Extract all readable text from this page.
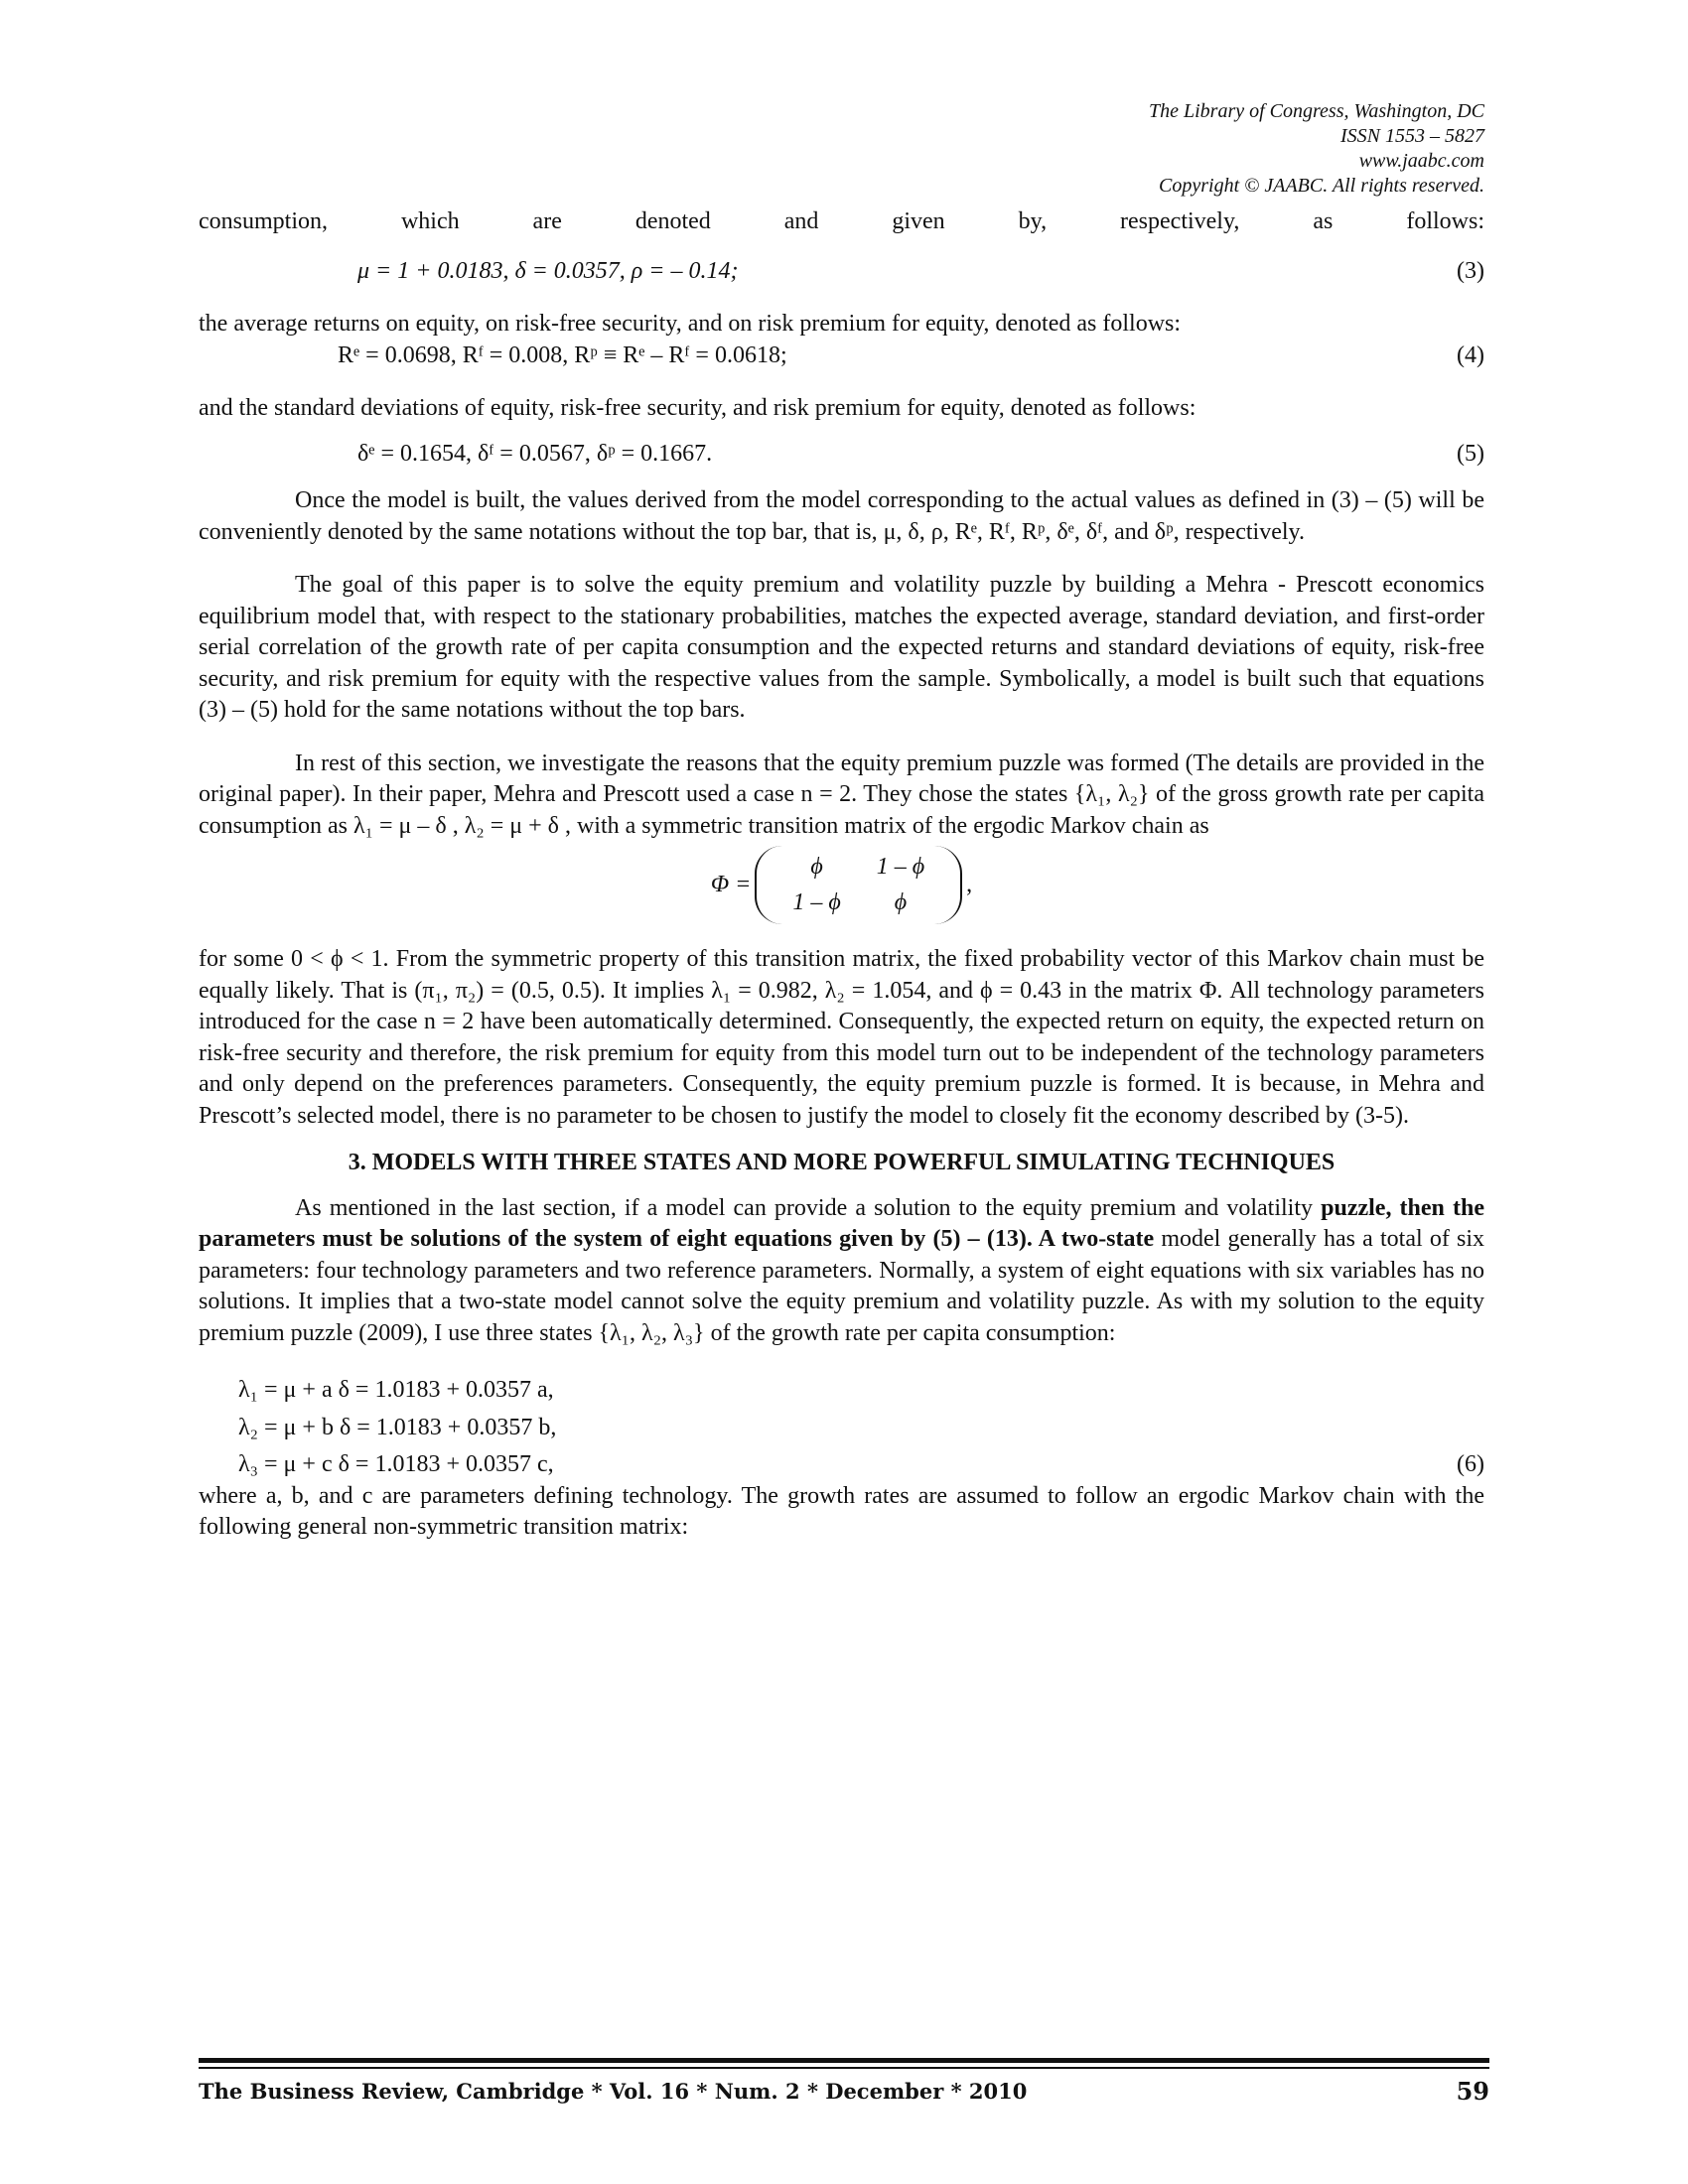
The Library of Congress, Washington, DC
ISSN 1553 – 5827
www.jaabc.com
Copyright © JAABC. All rights reserved.

consumption, which are denoted and given by, respectively, as follows:

μ = 1 + 0.0183, δ = 0.0357, ρ = – 0.14;	(3)

the average returns on equity, on risk-free security, and on risk premium for equity, denoted as follows:

Rᵉ = 0.0698, Rᶠ = 0.008, Rᵖ ≡ Rᵉ – Rᶠ = 0.0618;	(4)

and the standard deviations of equity, risk-free security, and risk premium for equity, denoted as follows:

δᵉ = 0.1654, δᶠ = 0.0567, δᵖ = 0.1667.	(5)

Once the model is built, the values derived from the model corresponding to the actual values as defined in (3) – (5) will be conveniently denoted by the same notations without the top bar, that is, μ, δ, ρ, Rᵉ, Rᶠ, Rᵖ, δᵉ, δᶠ, and δᵖ, respectively.

The goal of this paper is to solve the equity premium and volatility puzzle by building a Mehra - Prescott economics equilibrium model that, with respect to the stationary probabilities, matches the expected average, standard deviation, and first-order serial correlation of the growth rate of per capita consumption and the expected returns and standard deviations of equity, risk-free security, and risk premium for equity with the respective values from the sample. Symbolically, a model is built such that equations (3) – (5) hold for the same notations without the top bars.

In rest of this section, we investigate the reasons that the equity premium puzzle was formed (The details are provided in the original paper). In their paper, Mehra and Prescott used a case n = 2. They chose the states {λ₁, λ₂} of the gross growth rate per capita consumption as λ₁ = μ – δ , λ₂ = μ + δ , with a symmetric transition matrix of the ergodic Markov chain as

Φ =
ϕ	1 – ϕ
1 – ϕ	ϕ
,

for some 0 < ϕ < 1. From the symmetric property of this transition matrix, the fixed probability vector of this Markov chain must be equally likely. That is (π₁, π₂) = (0.5, 0.5). It implies λ₁ = 0.982, λ₂ = 1.054, and ϕ = 0.43 in the matrix Φ. All technology parameters introduced for the case n = 2 have been automatically determined. Consequently, the expected return on equity, the expected return on risk-free security and therefore, the risk premium for equity from this model turn out to be independent of the technology parameters and only depend on the preferences parameters. Consequently, the equity premium puzzle is formed. It is because, in Mehra and Prescott’s selected model, there is no parameter to be chosen to justify the model to closely fit the economy described by (3-5).

3. MODELS WITH THREE STATES AND MORE POWERFUL SIMULATING TECHNIQUES

As mentioned in the last section, if a model can provide a solution to the equity premium and volatility puzzle, then the parameters must be solutions of the system of eight equations given by (5) – (13). A two-state model generally has a total of six parameters: four technology parameters and two reference parameters. Normally, a system of eight equations with six variables has no solutions. It implies that a two-state model cannot solve the equity premium and volatility puzzle. As with my solution to the equity premium puzzle (2009), I use three states {λ₁, λ₂, λ₃} of the growth rate per capita consumption:

λ₁ = μ + a δ = 1.0183 + 0.0357 a,
λ₂ = μ + b δ = 1.0183 + 0.0357 b,
λ₃ = μ + c δ = 1.0183 + 0.0357 c,	(6)

where a, b, and c are parameters defining technology. The growth rates are assumed to follow an ergodic Markov chain with the following general non-symmetric transition matrix:

The Business Review, Cambridge * Vol. 16 * Num. 2 * December * 2010	59
